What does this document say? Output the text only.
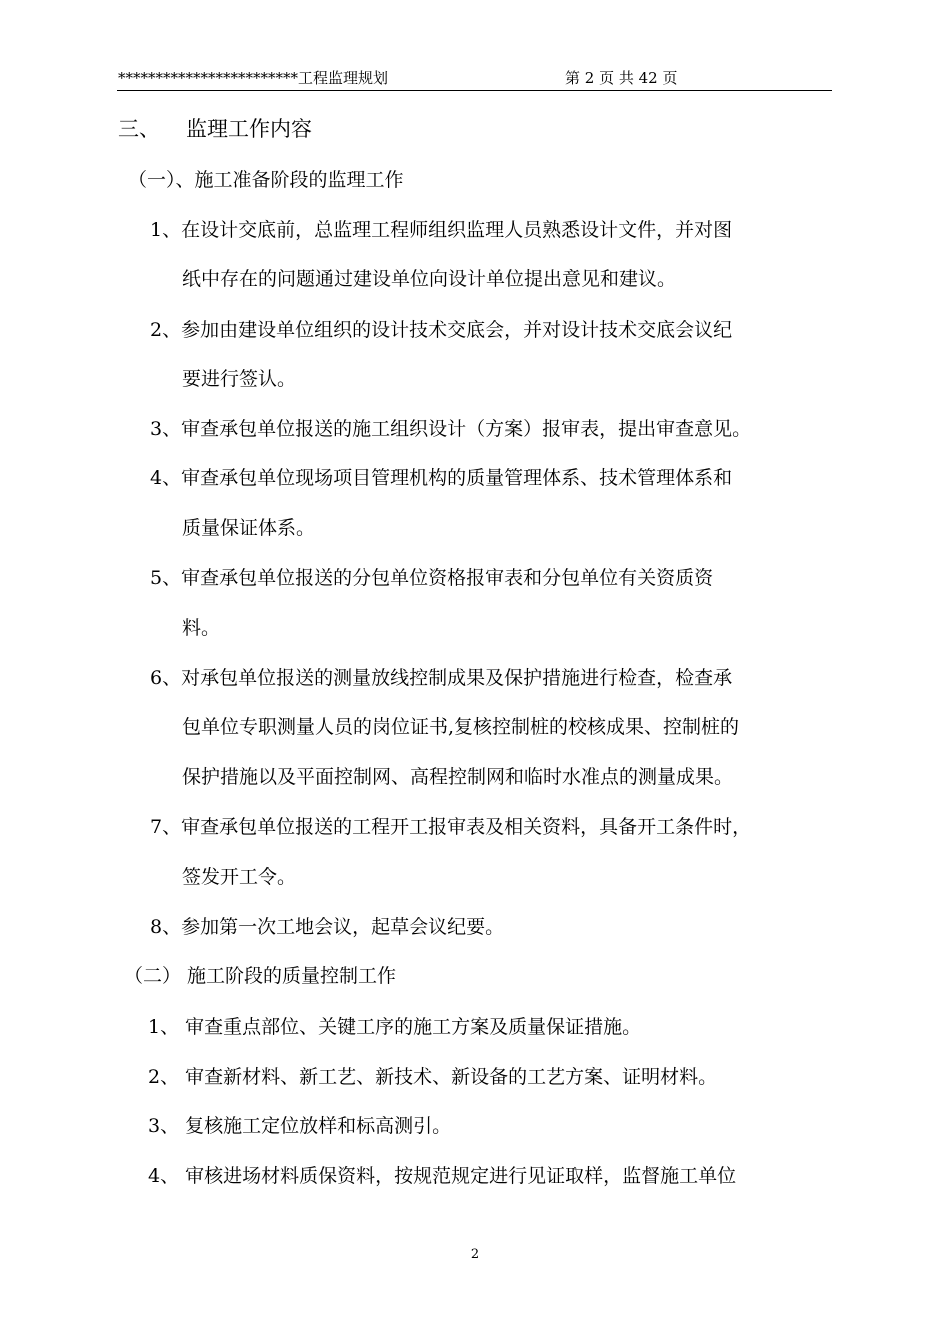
************************工程监理规划	第 2 页 共 42 页
三、 监理工作内容
（一）、施工准备阶段的监理工作
1、在设计交底前，总监理工程师组织监理人员熟悉设计文件，并对图
纸中存在的问题通过建设单位向设计单位提出意见和建议。
2、参加由建设单位组织的设计技术交底会，并对设计技术交底会议纪
要进行签认。
3、审查承包单位报送的施工组织设计（方案）报审表，提出审查意见。
4、审查承包单位现场项目管理机构的质量管理体系、技术管理体系和
质量保证体系。
5、审查承包单位报送的分包单位资格报审表和分包单位有关资质资
料。
6、对承包单位报送的测量放线控制成果及保护措施进行检查，检查承
包单位专职测量人员的岗位证书,复核控制桩的校核成果、控制桩的
保护措施以及平面控制网、高程控制网和临时水准点的测量成果。
7、审查承包单位报送的工程开工报审表及相关资料，具备开工条件时，
签发开工令。
8、参加第一次工地会议，起草会议纪要。
（二） 施工阶段的质量控制工作
1、 审查重点部位、关键工序的施工方案及质量保证措施。
2、 审查新材料、新工艺、新技术、新设备的工艺方案、证明材料。
3、 复核施工定位放样和标高测引。
4、 审核进场材料质保资料，按规范规定进行见证取样，监督施工单位
2
